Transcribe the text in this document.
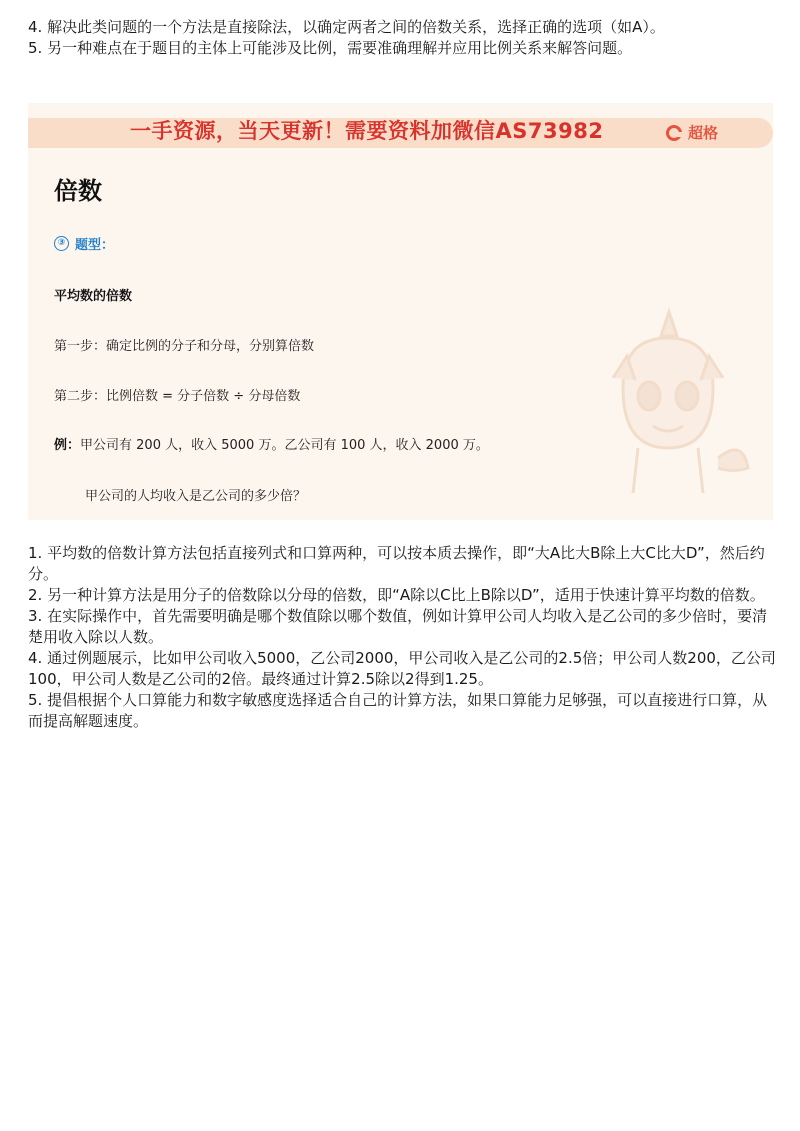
4. 解决此类问题的一个方法是直接除法，以确定两者之间的倍数关系，选择正确的选项（如A）。

5. 另一种难点在于题目的主体上可能涉及比例，需要准确理解并应用比例关系来解答问题。

一手资源，当天更新！需要资料加微信AS73982	超格
倍数
③ 题型：
平均数的倍数
第一步：确定比例的分子和分母，分别算倍数
第二步：比例倍数 = 分子倍数 ÷ 分母倍数
例：甲公司有 200 人，收入 5000 万。乙公司有 100 人，收入 2000 万。
甲公司的人均收入是乙公司的多少倍？

1. 平均数的倍数计算方法包括直接列式和口算两种，可以按本质去操作，即“大A比大B除上大C比大D”，然后约分。

2. 另一种计算方法是用分子的倍数除以分母的倍数，即“A除以C比上B除以D”，适用于快速计算平均数的倍数。

3. 在实际操作中，首先需要明确是哪个数值除以哪个数值，例如计算甲公司人均收入是乙公司的多少倍时，要清楚用收入除以人数。

4. 通过例题展示，比如甲公司收入5000，乙公司2000，甲公司收入是乙公司的2.5倍；甲公司人数200，乙公司100，甲公司人数是乙公司的2倍。最终通过计算2.5除以2得到1.25。

5. 提倡根据个人口算能力和数字敏感度选择适合自己的计算方法，如果口算能力足够强，可以直接进行口算，从而提高解题速度。
